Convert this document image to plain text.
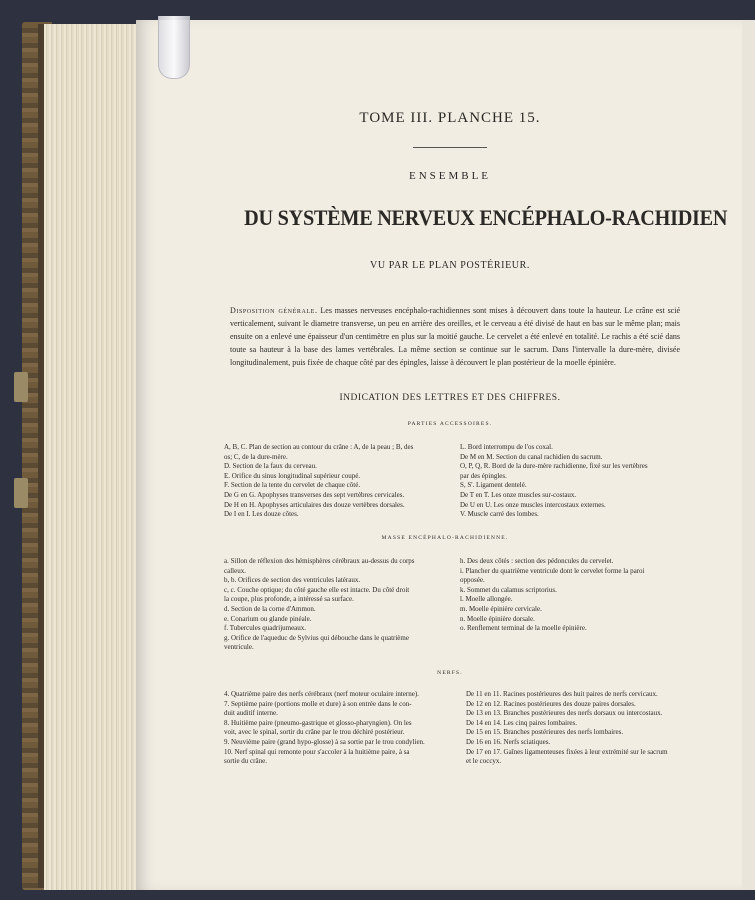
TOME III. PLANCHE 15.
ENSEMBLE
DU SYSTÈME NERVEUX ENCÉPHALO-RACHIDIEN
VU PAR LE PLAN POSTÉRIEUR.
Disposition générale. Les masses nerveuses encéphalo-rachidiennes sont mises à découvert dans toute la hauteur. Le crâne est scié verticalement, suivant le diametre transverse, un peu en arrière des oreilles, et le cerveau a été divisé de haut en bas sur le même plan; mais ensuite on a enlevé une épaisseur d'un centimètre en plus sur la moitié gauche. Le cervelet a été enlevé en totalité. Le rachis a été scié dans toute sa hauteur à la base des lames vertébrales. La même section se continue sur le sacrum. Dans l'intervalle la dure-mère, divisée longitudinalement, puis fixée de chaque côté par des épingles, laisse à découvert le plan postérieur de la moelle épinière.
INDICATION DES LETTRES ET DES CHIFFRES.
PARTIES ACCESSOIRES.
A, B, C. Plan de section au contour du crâne : A, de la peau ; B, des
os; C, de la dure-mère.
D. Section de la faux du cerveau.
E. Orifice du sinus longitudinal supérieur coupé.
F. Section de la tente du cervelet de chaque côté.
De G en G. Apophyses transverses des sept vertèbres cervicales.
De H en H. Apophyses articulaires des douze vertèbres dorsales.
De I en I. Les douze côtes.
L. Bord interrompu de l'os coxal.
De M en M. Section du canal rachidien du sacrum.
O, P, Q, R. Bord de la dure-mère rachidienne, fixé sur les vertèbres
par des épingles.
S, S'. Ligament dentelé.
De T en T. Les onze muscles sur-costaux.
De U en U. Les onze muscles intercostaux externes.
V. Muscle carré des lombes.
MASSE ENCÉPHALO-RACHIDIENNE.
a. Sillon de réflexion des hémisphères cérébraux au-dessus du corps
calleux.
b, b. Orifices de section des ventricules latéraux.
c, c. Couche optique; du côté gauche elle est intacte. Du côté droit
la coupe, plus profonde, a intéressé sa surface.
d. Section de la corne d'Ammon.
e. Conarium ou glande pinéale.
f. Tubercules quadrijumeaux.
g. Orifice de l'aqueduc de Sylvius qui débouche dans le quatrième
ventricule.
h. Des deux côtés : section des pédoncules du cervelet.
i. Plancher du quatrième ventricule dont le cervelet forme la paroi
opposée.
k. Sommet du calamus scriptorius.
l. Moelle allongée.
m. Moelle épinière cervicale.
n. Moelle épinière dorsale.
o. Renflement terminal de la moelle épinière.
NERFS.
4. Quatrième paire des nerfs cérébraux (nerf moteur oculaire interne).
7. Septième paire (portions molle et dure) à son entrée dans le con-
duit auditif interne.
8. Huitième paire (pneumo-gastrique et glosso-pharyngien). On les
voit, avec le spinal, sortir du crâne par le trou déchiré postérieur.
9. Neuvième paire (grand hypo-glosse) à sa sortie par le trou condylien.
10. Nerf spinal qui remonte pour s'accoler à la huitième paire, à sa
sortie du crâne.
De 11 en 11. Racines postérieures des huit paires de nerfs cervicaux.
De 12 en 12. Racines postérieures des douze paires dorsales.
De 13 en 13. Branches postérieures des nerfs dorsaux ou intercostaux.
De 14 en 14. Les cinq paires lombaires.
De 15 en 15. Branches postérieures des nerfs lombaires.
De 16 en 16. Nerfs sciatiques.
De 17 en 17. Gaînes ligamenteuses fixées à leur extrémité sur le sacrum
et le coccyx.
